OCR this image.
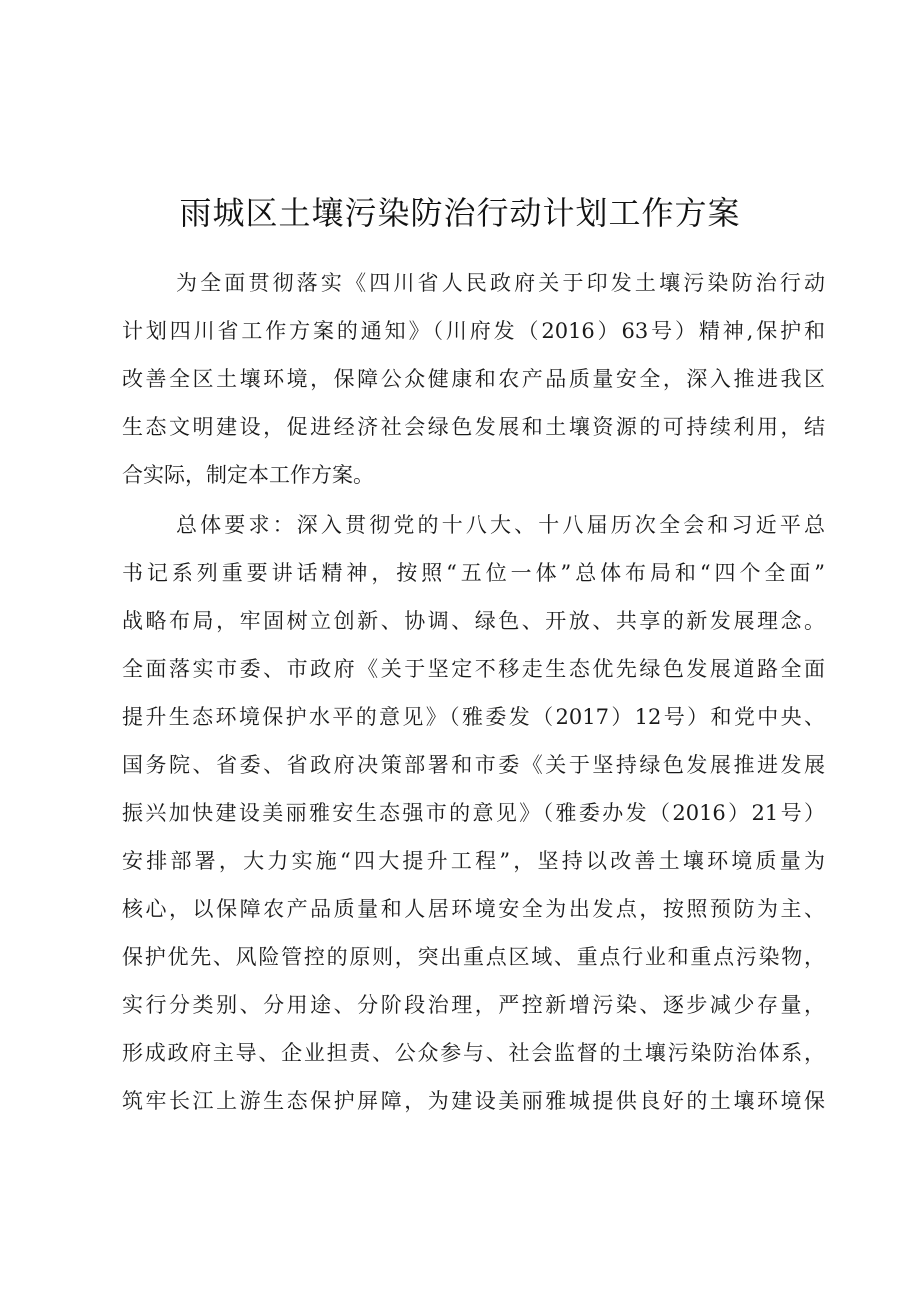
雨城区土壤污染防治行动计划工作方案
为全面贯彻落实《四川省人民政府关于印发土壤污染防治行动
计划四川省工作方案的通知》（川府发（2016）63号）精神,保护和
改善全区土壤环境，保障公众健康和农产品质量安全，深入推进我区
生态文明建设，促进经济社会绿色发展和土壤资源的可持续利用，结
合实际，制定本工作方案。
总体要求：深入贯彻党的十八大、十八届历次全会和习近平总
书记系列重要讲话精神，按照“五位一体”总体布局和“四个全面”
战略布局，牢固树立创新、协调、绿色、开放、共享的新发展理念。
全面落实市委、市政府《关于坚定不移走生态优先绿色发展道路全面
提升生态环境保护水平的意见》（雅委发（2017）12号）和党中央、
国务院、省委、省政府决策部署和市委《关于坚持绿色发展推进发展
振兴加快建设美丽雅安生态强市的意见》（雅委办发（2016）21号）
安排部署，大力实施“四大提升工程”，坚持以改善土壤环境质量为
核心，以保障农产品质量和人居环境安全为出发点，按照预防为主、
保护优先、风险管控的原则，突出重点区域、重点行业和重点污染物，
实行分类别、分用途、分阶段治理，严控新增污染、逐步减少存量，
形成政府主导、企业担责、公众参与、社会监督的土壤污染防治体系，
筑牢长江上游生态保护屏障，为建设美丽雅城提供良好的土壤环境保
